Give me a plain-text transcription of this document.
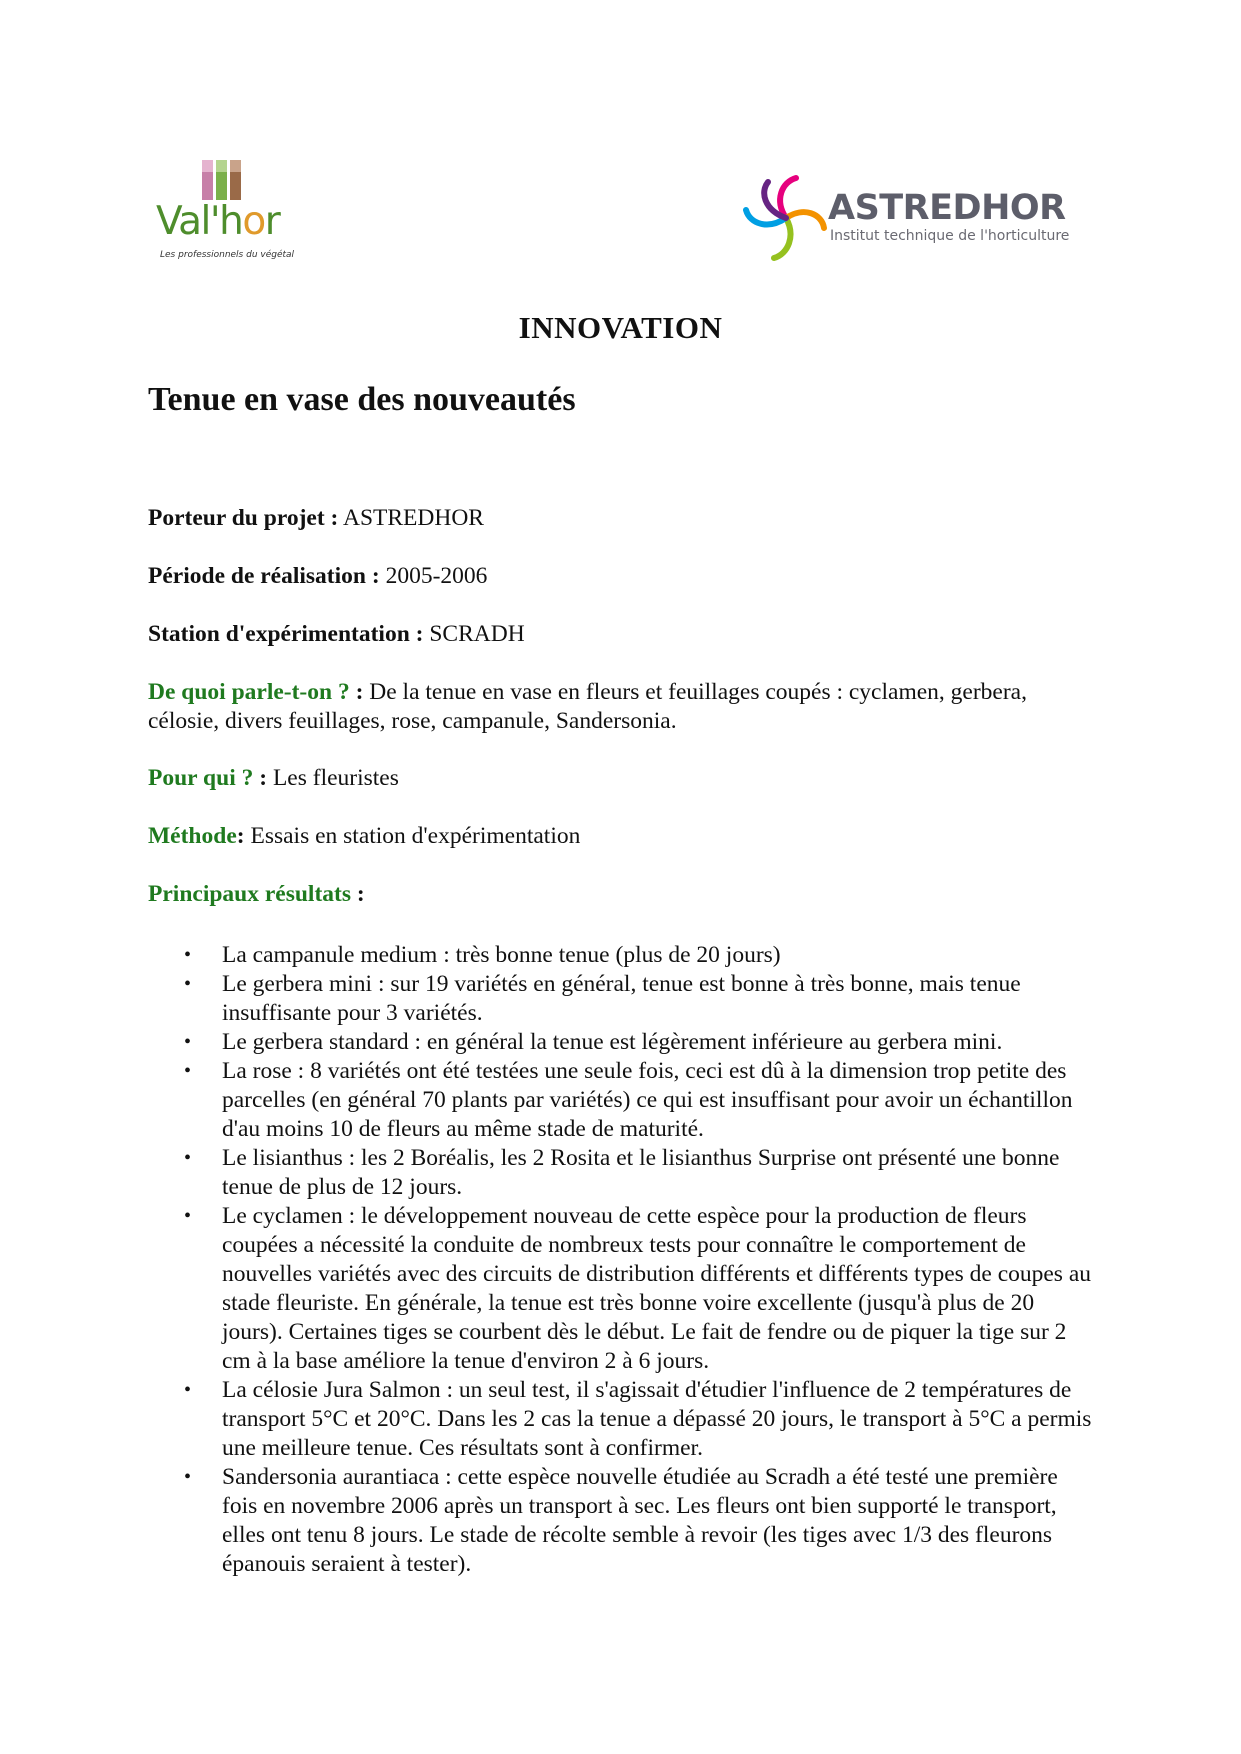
Val'hor
Les professionnels du végétal
ASTREDHOR
Institut technique de l'horticulture
INNOVATION
Tenue en vase des nouveautés

Porteur du projet : ASTREDHOR

Période de réalisation : 2005-2006

Station d'expérimentation : SCRADH

De quoi parle-t-on ? : De la tenue en vase en fleurs et feuillages coupés : cyclamen, gerbera, célosie, divers feuillages, rose, campanule, Sandersonia.

Pour qui ? : Les fleuristes

Méthode: Essais en station d'expérimentation

Principaux résultats :

• La campanule medium : très bonne tenue (plus de 20 jours)
• Le gerbera mini : sur 19 variétés en général, tenue est bonne à très bonne, mais tenue insuffisante pour 3 variétés.
• Le gerbera standard : en général la tenue est légèrement inférieure au gerbera mini.
• La rose : 8 variétés ont été testées une seule fois, ceci est dû à la dimension trop petite des parcelles (en général 70 plants par variétés) ce qui est insuffisant pour avoir un échantillon d'au moins 10 de fleurs au même stade de maturité.
• Le lisianthus : les 2 Boréalis, les 2 Rosita et le lisianthus Surprise ont présenté une bonne tenue de plus de 12 jours.
• Le cyclamen : le développement nouveau de cette espèce pour la production de fleurs coupées a nécessité la conduite de nombreux tests pour connaître le comportement de nouvelles variétés avec des circuits de distribution différents et différents types de coupes au stade fleuriste. En générale, la tenue est très bonne voire excellente (jusqu'à plus de 20 jours). Certaines tiges se courbent dès le début. Le fait de fendre ou de piquer la tige sur 2 cm à la base améliore la tenue d'environ 2 à 6 jours.
• La célosie Jura Salmon : un seul test, il s'agissait d'étudier l'influence de 2 températures de transport 5°C et 20°C. Dans les 2 cas la tenue a dépassé 20 jours, le transport à 5°C a permis une meilleure tenue. Ces résultats sont à confirmer.
• Sandersonia aurantiaca : cette espèce nouvelle étudiée au Scradh a été testé une première fois en novembre 2006 après un transport à sec. Les fleurs ont bien supporté le transport, elles ont tenu 8 jours. Le stade de récolte semble à revoir (les tiges avec 1/3 des fleurons épanouis seraient à tester).
